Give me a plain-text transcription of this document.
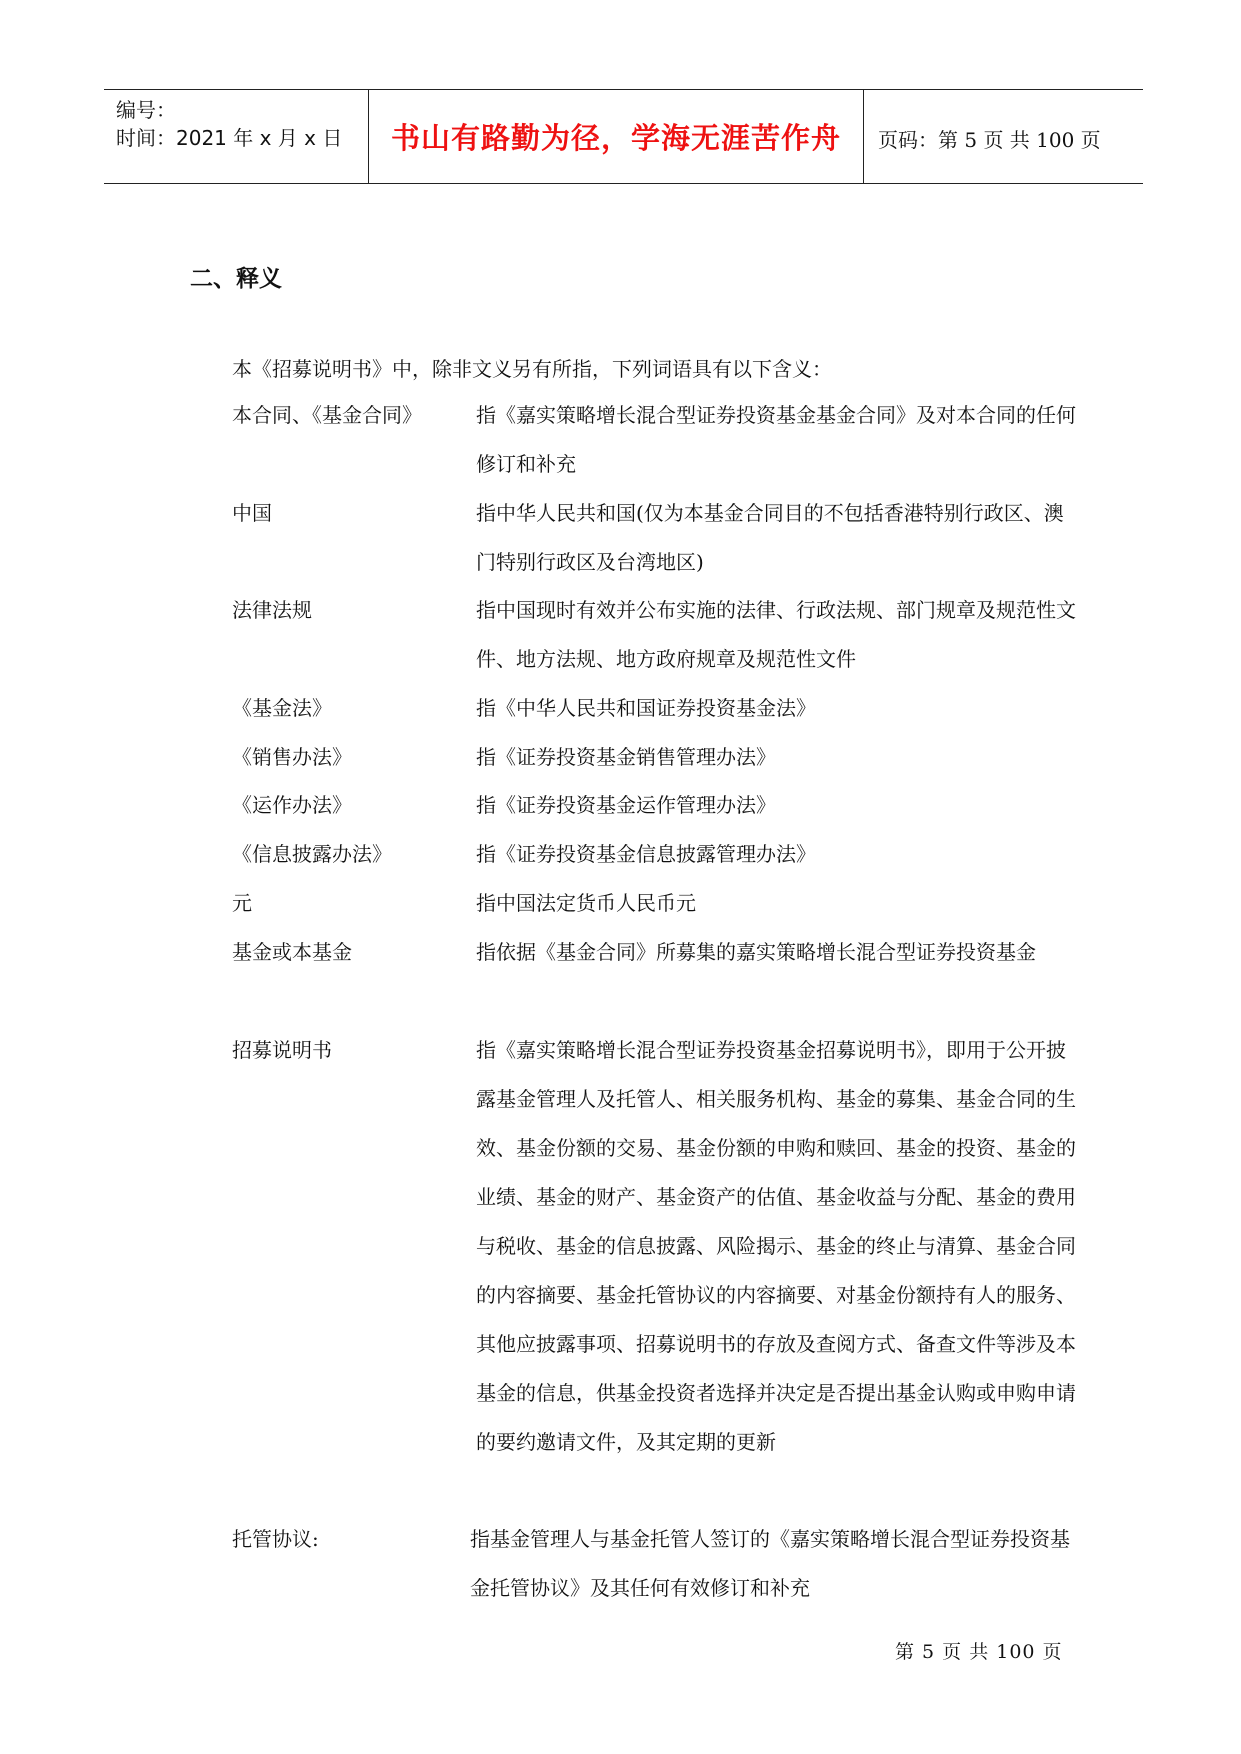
编号：
时间：2021 年 x 月 x 日	书山有路勤为径，学海无涯苦作舟	页码：第 5 页 共 100 页
二、释义
本《招募说明书》中，除非文义另有所指，下列词语具有以下含义：
本合同、《基金合同》	指《嘉实策略增长混合型证券投资基金基金合同》及对本合同的任何修订和补充
中国	指中华人民共和国(仅为本基金合同目的不包括香港特别行政区、澳门特别行政区及台湾地区)
法律法规	指中国现时有效并公布实施的法律、行政法规、部门规章及规范性文件、地方法规、地方政府规章及规范性文件
《基金法》	指《中华人民共和国证券投资基金法》
《销售办法》	指《证券投资基金销售管理办法》
《运作办法》	指《证券投资基金运作管理办法》
《信息披露办法》	指《证券投资基金信息披露管理办法》
元	指中国法定货币人民币元
基金或本基金	指依据《基金合同》所募集的嘉实策略增长混合型证券投资基金
招募说明书	指《嘉实策略增长混合型证券投资基金招募说明书》，即用于公开披露基金管理人及托管人、相关服务机构、基金的募集、基金合同的生效、基金份额的交易、基金份额的申购和赎回、基金的投资、基金的业绩、基金的财产、基金资产的估值、基金收益与分配、基金的费用与税收、基金的信息披露、风险揭示、基金的终止与清算、基金合同的内容摘要、基金托管协议的内容摘要、对基金份额持有人的服务、其他应披露事项、招募说明书的存放及查阅方式、备查文件等涉及本基金的信息，供基金投资者选择并决定是否提出基金认购或申购申请的要约邀请文件，及其定期的更新
托管协议:	指基金管理人与基金托管人签订的《嘉实策略增长混合型证券投资基金托管协议》及其任何有效修订和补充
第 5 页 共 100 页
